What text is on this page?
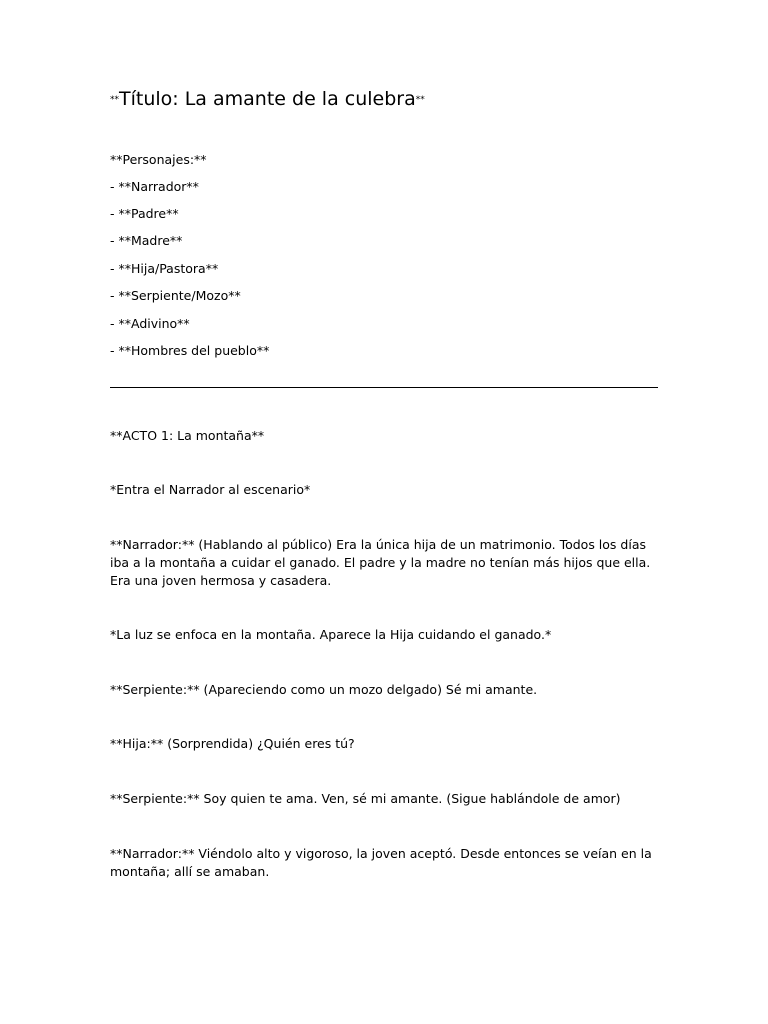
**Título: La amante de la culebra**
**Personajes:**
- **Narrador**
- **Padre**
- **Madre**
- **Hija/Pastora**
- **Serpiente/Mozo**
- **Adivino**
- **Hombres del pueblo**
**ACTO 1: La montaña**
*Entra el Narrador al escenario*
**Narrador:** (Hablando al público) Era la única hija de un matrimonio. Todos los días iba a la montaña a cuidar el ganado. El padre y la madre no tenían más hijos que ella. Era una joven hermosa y casadera.
*La luz se enfoca en la montaña. Aparece la Hija cuidando el ganado.*
**Serpiente:** (Apareciendo como un mozo delgado) Sé mi amante.
**Hija:** (Sorprendida) ¿Quién eres tú?
**Serpiente:** Soy quien te ama. Ven, sé mi amante. (Sigue hablándole de amor)
**Narrador:** Viéndolo alto y vigoroso, la joven aceptó. Desde entonces se veían en la montaña; allí se amaban.
